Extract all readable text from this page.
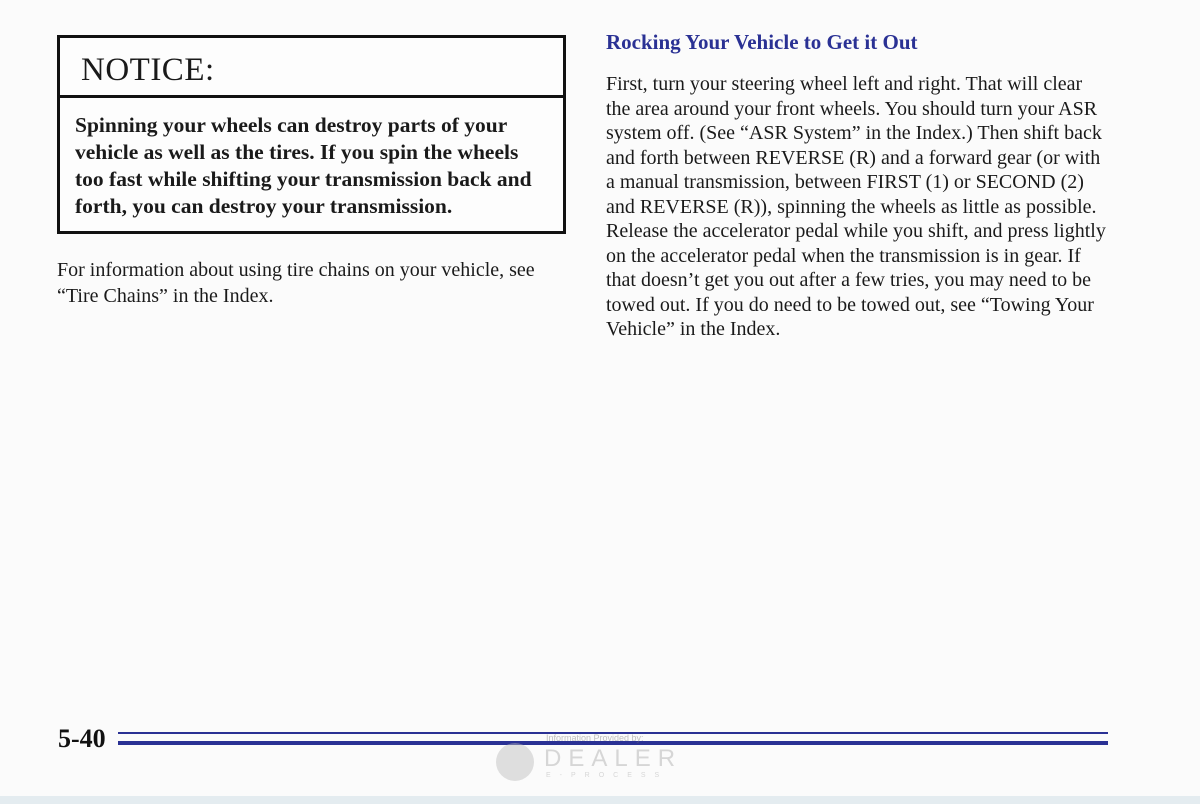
NOTICE:
Spinning your wheels can destroy parts of your vehicle as well as the tires. If you spin the wheels too fast while shifting your transmission back and forth, you can destroy your transmission.
For information about using tire chains on your vehicle, see “Tire Chains” in the Index.
Rocking Your Vehicle to Get it Out
First, turn your steering wheel left and right. That will clear the area around your front wheels. You should turn your ASR system off. (See “ASR System” in the Index.) Then shift back and forth between REVERSE (R) and a forward gear (or with a manual transmission, between FIRST (1) or SECOND (2) and REVERSE (R)), spinning the wheels as little as possible. Release the accelerator pedal while you shift, and press lightly on the accelerator pedal when the transmission is in gear. If that doesn’t get you out after a few tries, you may need to be towed out. If you do need to be towed out, see “Towing Your Vehicle” in the Index.
5-40	Information Provided by:
DEALER
E-PROCESS
